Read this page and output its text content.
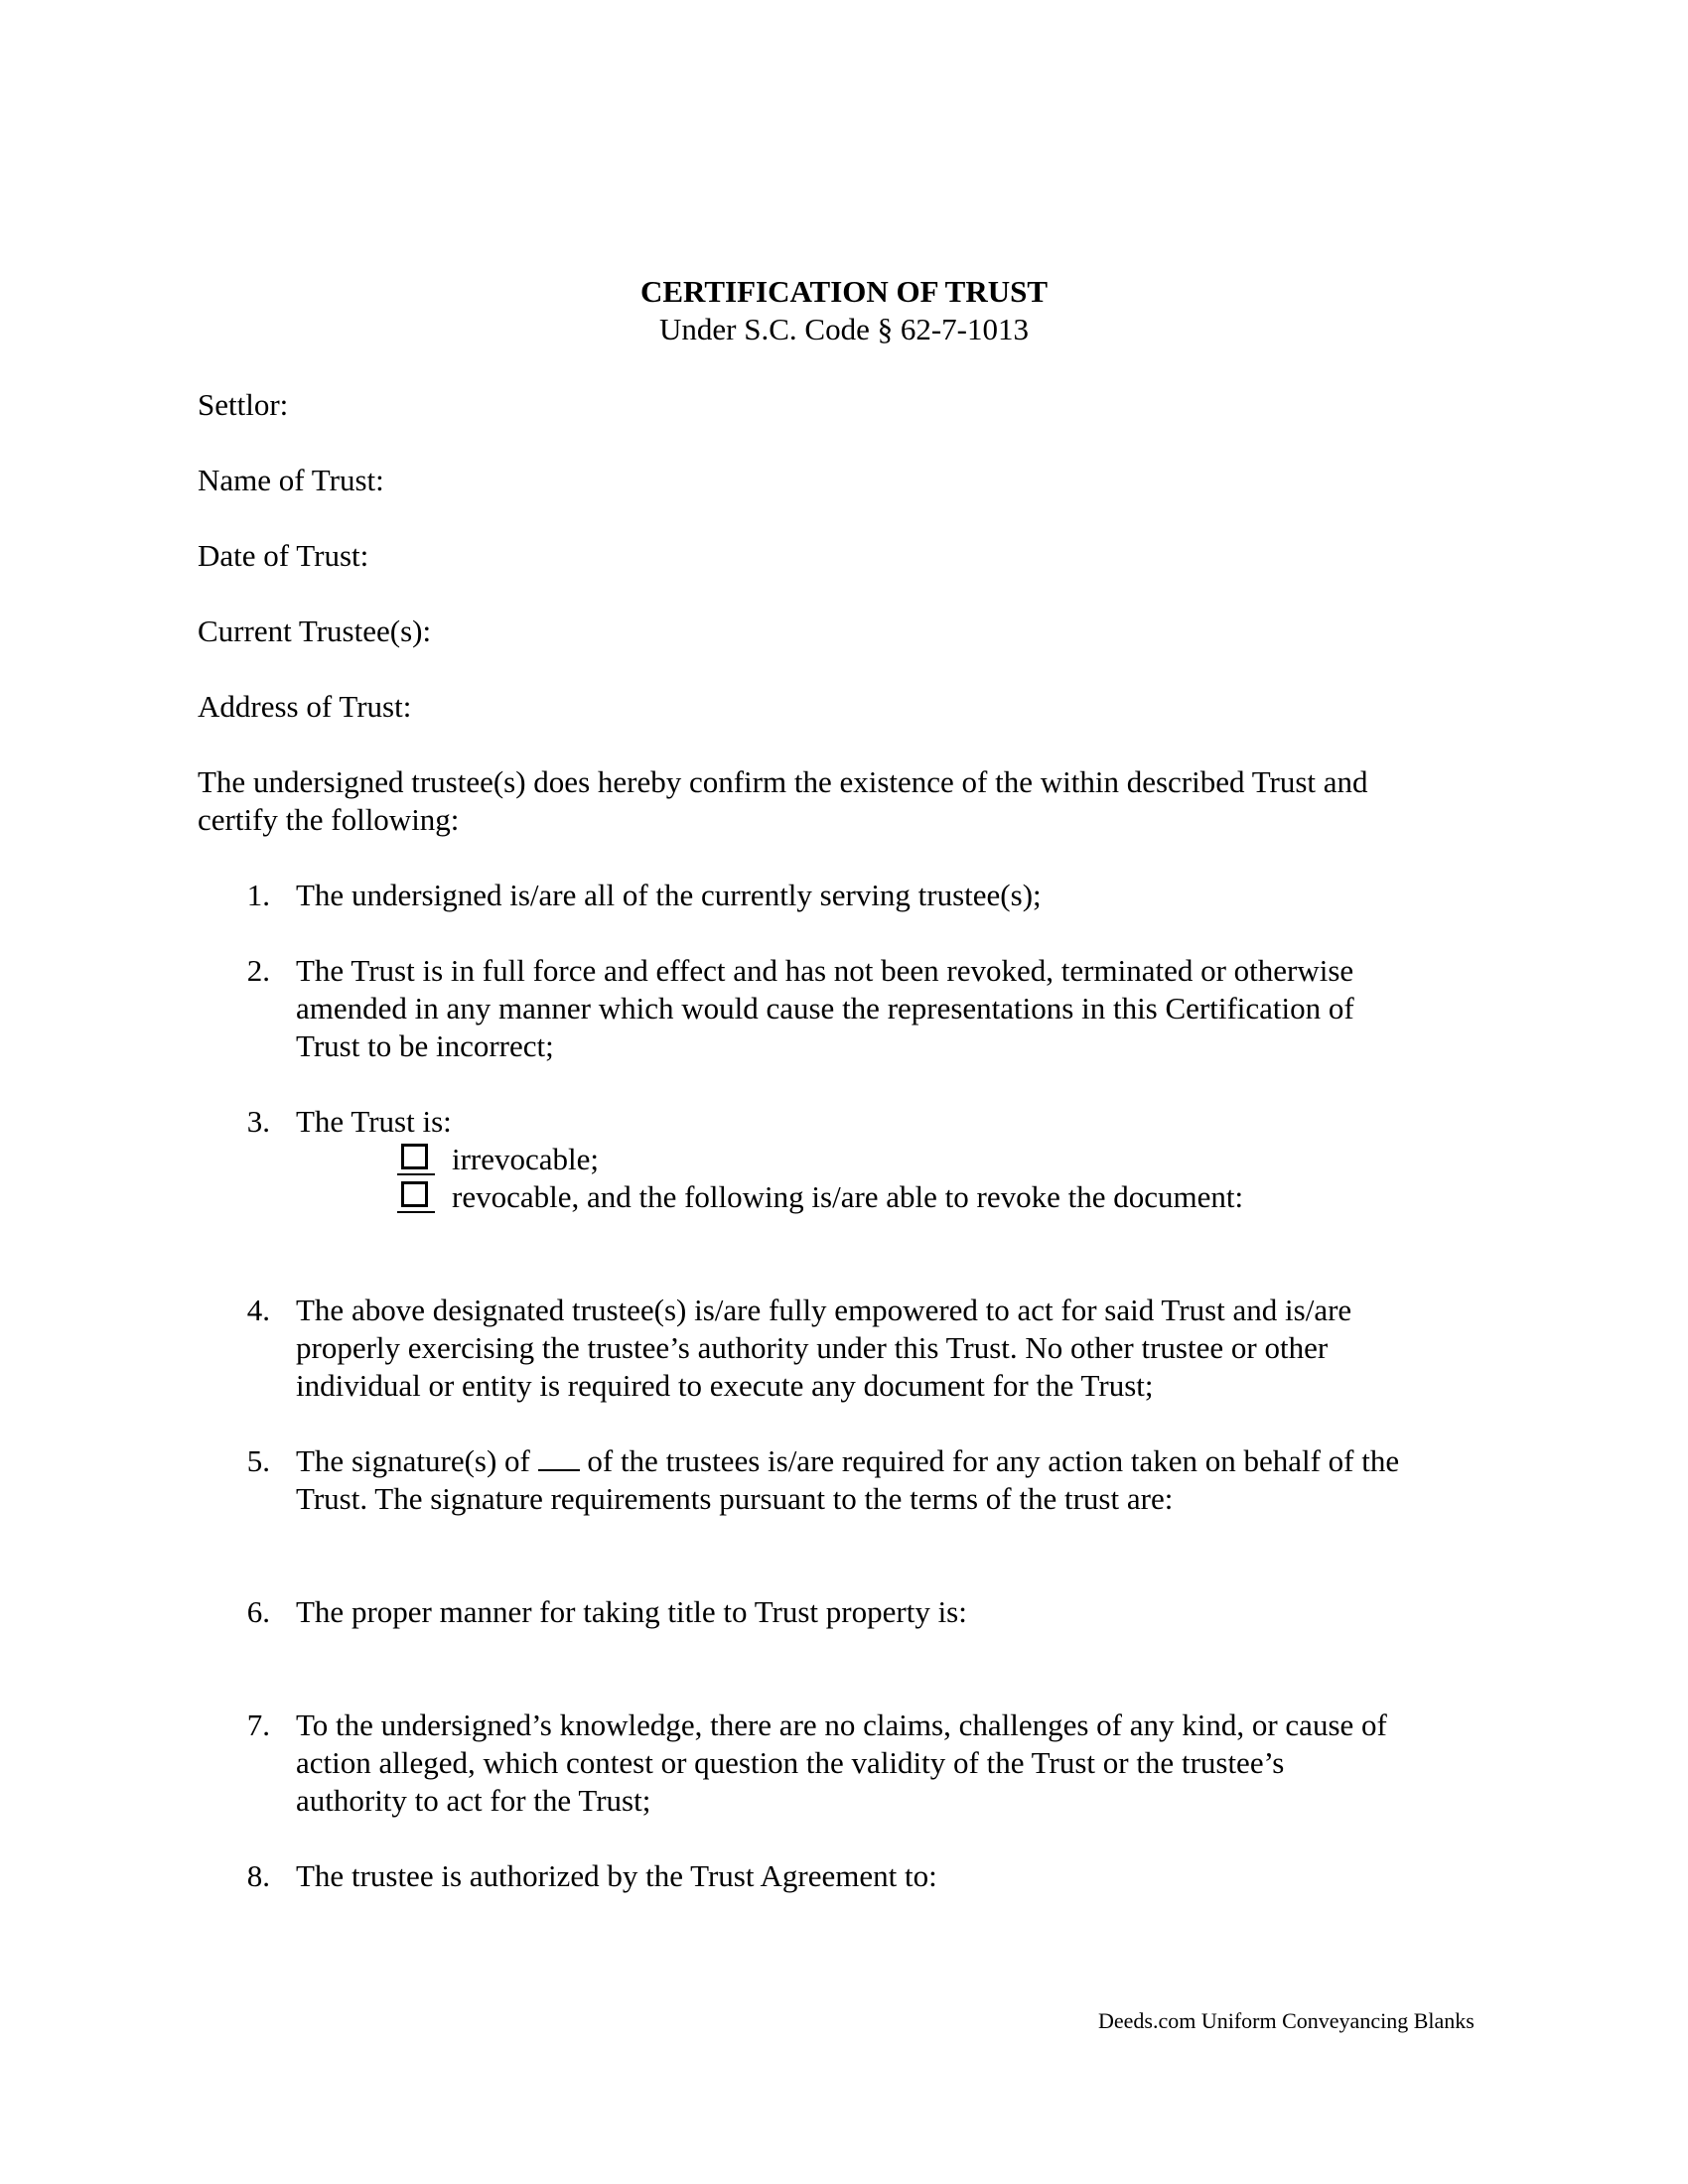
CERTIFICATION OF TRUST
Under S.C. Code § 62-7-1013
Settlor:
Name of Trust:
Date of Trust:
Current Trustee(s):
Address of Trust:
The undersigned trustee(s) does hereby confirm the existence of the within described Trust and
certify the following:
1. The undersigned is/are all of the currently serving trustee(s);
2. The Trust is in full force and effect and has not been revoked, terminated or otherwise
amended in any manner which would cause the representations in this Certification of
Trust to be incorrect;
3. The Trust is:
irrevocable;
revocable, and the following is/are able to revoke the document:
4. The above designated trustee(s) is/are fully empowered to act for said Trust and is/are
properly exercising the trustee’s authority under this Trust. No other trustee or other
individual or entity is required to execute any document for the Trust;
5. The signature(s) of of the trustees is/are required for any action taken on behalf of the
Trust. The signature requirements pursuant to the terms of the trust are:
6. The proper manner for taking title to Trust property is:
7. To the undersigned’s knowledge, there are no claims, challenges of any kind, or cause of
action alleged, which contest or question the validity of the Trust or the trustee’s
authority to act for the Trust;
8. The trustee is authorized by the Trust Agreement to:
Deeds.com Uniform Conveyancing Blanks
